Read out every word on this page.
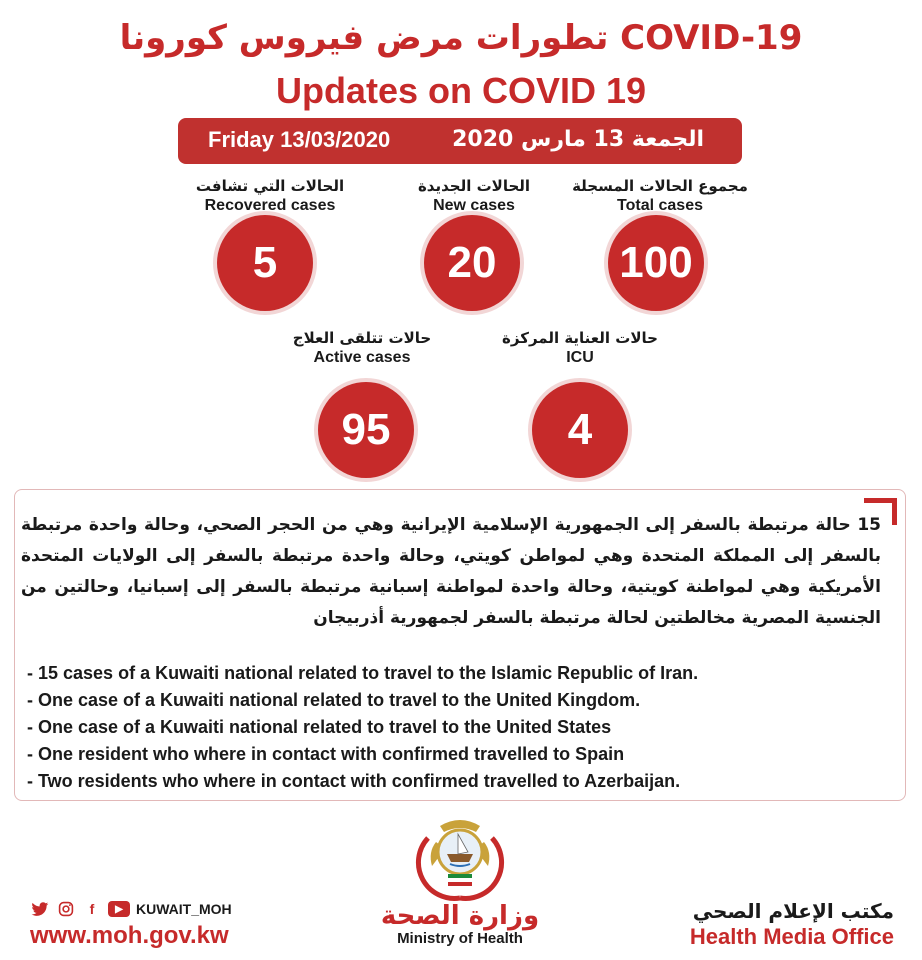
تطورات مرض فيروس كورونا COVID-19
Updates on COVID 19
Friday 13/03/2020	الجمعة 13 مارس 2020
الحالات التي تشافت
Recovered cases
5
الحالات الجديدة
New cases
20
مجموع الحالات المسجلة
Total cases
100
حالات تتلقى العلاج
Active cases
95
حالات العناية المركزة
ICU
4
15 حالة مرتبطة بالسفر إلى الجمهورية الإسلامية الإيرانية وهي من الحجر الصحي، وحالة واحدة مرتبطة بالسفر إلى المملكة المتحدة وهي لمواطن كويتي، وحالة واحدة مرتبطة بالسفر إلى الولايات المتحدة الأمريكية وهي لمواطنة كويتية، وحالة واحدة لمواطنة إسبانية مرتبطة بالسفر إلى إسبانيا، وحالتين من الجنسية المصرية مخالطتين لحالة مرتبطة بالسفر لجمهورية أذربيجان
- 15 cases of a Kuwaiti national related to travel to the Islamic Republic of Iran.
- One case of a Kuwaiti national related to travel to the United Kingdom.
- One case of a Kuwaiti national related to travel to the United States
- One resident who where in contact with confirmed travelled to Spain
- Two residents who where in contact with confirmed travelled to Azerbaijan.
f	▶ KUWAIT_MOH
www.moh.gov.kw
وزارة الصحة
Ministry of Health
مكتب الإعلام الصحي
Health Media Office
